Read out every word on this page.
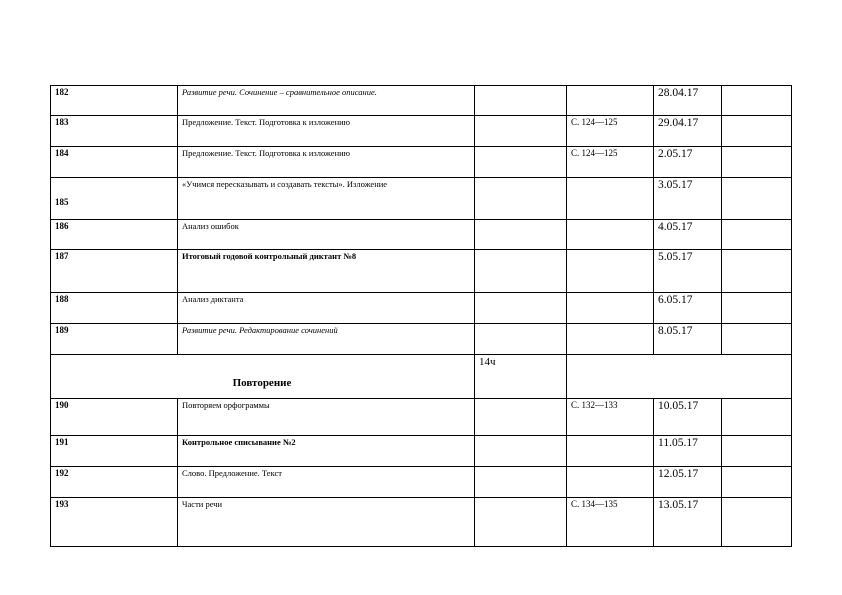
182	Развитие речи. Сочинение – сравнительное описание.			28.04.17	
183	Предложение. Текст. Подготовка к изложению		С. 124—125	29.04.17	
184	Предложение. Текст. Подготовка к изложению		С. 124—125	2.05.17	
185	«Учимся пересказывать и создавать тексты». Изложение			3.05.17	
186	Анализ ошибок			4.05.17	
187	Итоговый годовой контрольный диктант №8			5.05.17	
188	Анализ диктанта			6.05.17	
189	Развитие речи. Редактирование сочинений			8.05.17	
Повторение		14ч			
190	Повторяем орфограммы		С. 132—133	10.05.17	
191	Контрольное списывание №2			11.05.17	
192	Слово. Предложение. Текст			12.05.17	
193	Части речи		С. 134—135	13.05.17	
